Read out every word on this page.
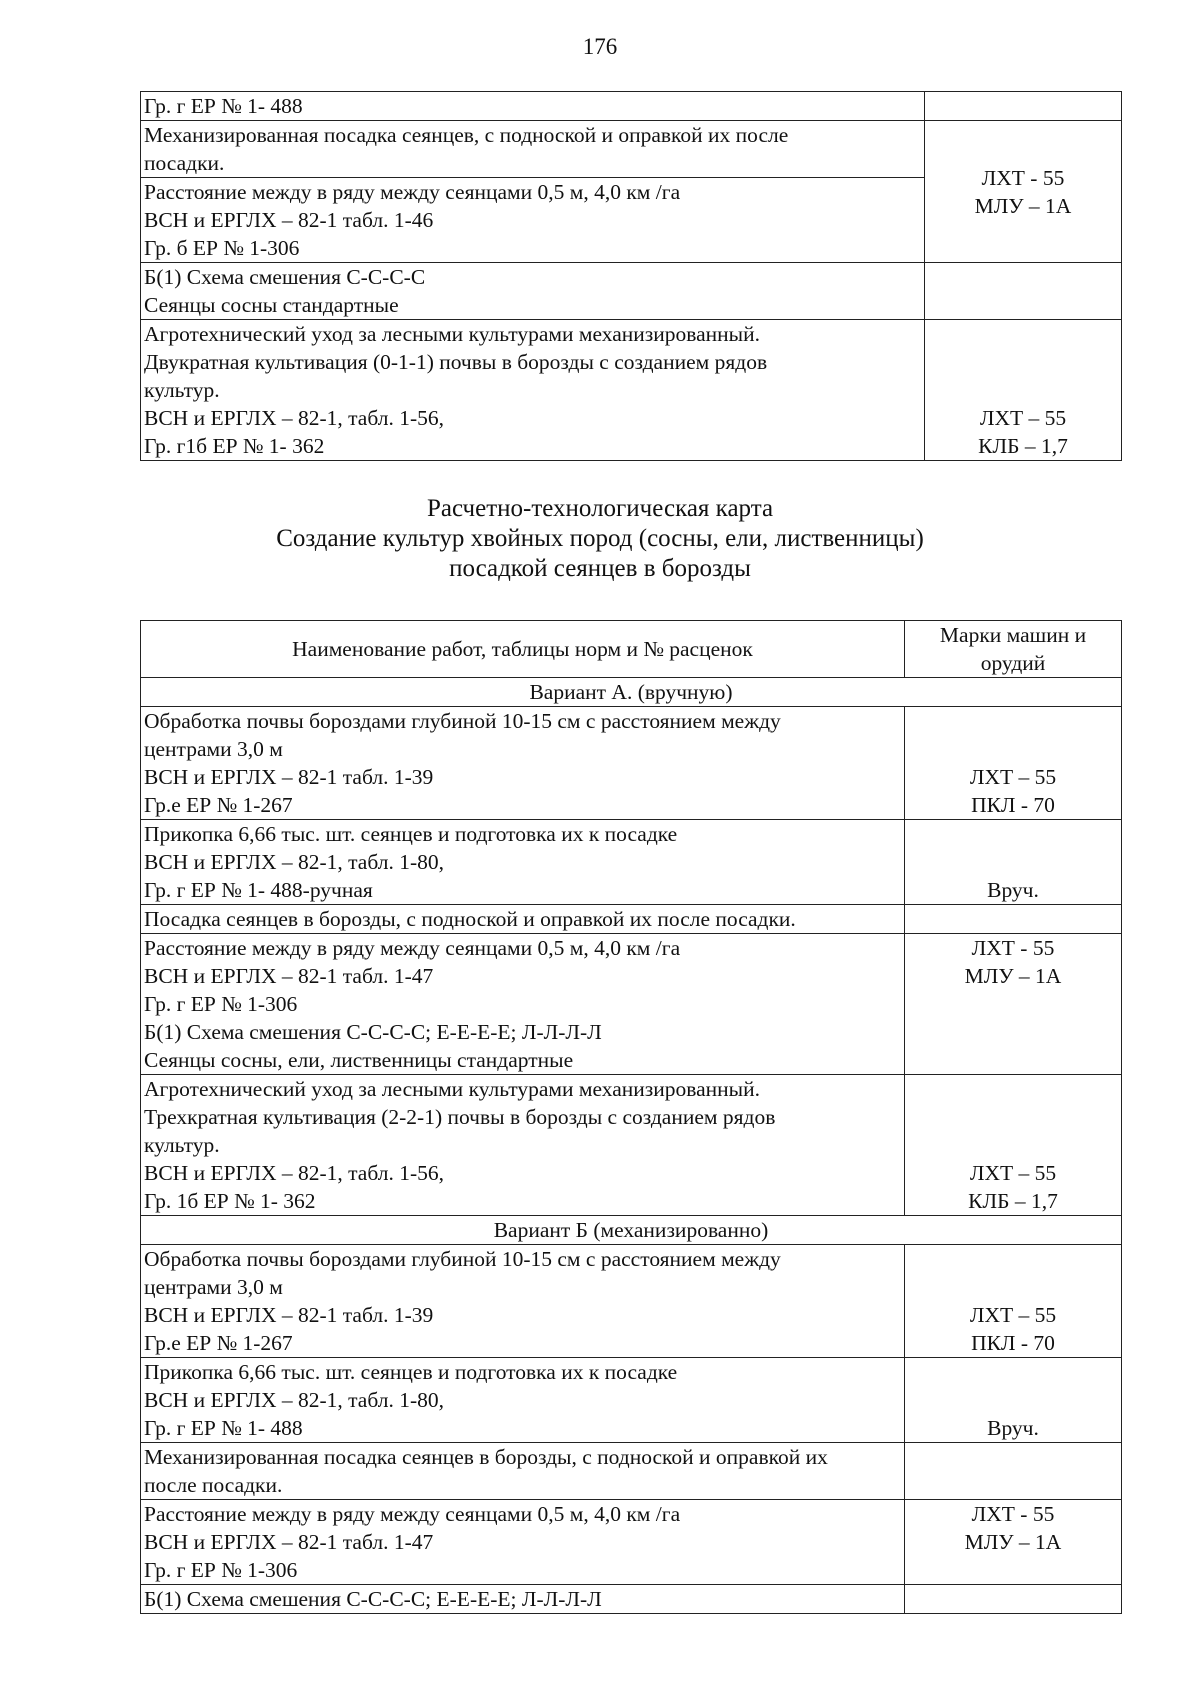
176
Гр. г ЕР № 1- 488	

Механизированная посадка сеянцев, с подноской и оправкой их после
посадки.	ЛХТ - 55
МЛУ – 1А

Расстояние между в ряду между сеянцами 0,5 м, 4,0 км /га
ВСН и ЕРГЛХ – 82-1 табл. 1-46
Гр. б ЕР № 1-306	

Б(1) Схема смешения С-С-С-С
Сеянцы сосны стандартные	

Агротехнический уход за лесными культурами механизированный.
Двукратная культивация (0-1-1) почвы в борозды с созданием рядов
культур.
ВСН и ЕРГЛХ – 82-1, табл. 1-56,
Гр. г1б ЕР № 1- 362	ЛХТ – 55
КЛБ – 1,7
Расчетно-технологическая карта
Создание культур хвойных пород (сосны, ели, лиственницы)
посадкой сеянцев в борозды
Наименование работ, таблицы норм и № расценок	Марки машин и
орудий

Вариант А. (вручную)	

Обработка почвы бороздами глубиной 10-15 см с расстоянием между
центрами 3,0 м
ВСН и ЕРГЛХ – 82-1 табл. 1-39
Гр.е ЕР № 1-267	ЛХТ – 55
ПКЛ - 70

Прикопка 6,66 тыс. шт. сеянцев и подготовка их к посадке
ВСН и ЕРГЛХ – 82-1, табл. 1-80,
Гр. г ЕР № 1- 488-ручная	Вруч.

Посадка сеянцев в борозды, с подноской и оправкой их после посадки.	

Расстояние между в ряду между сеянцами 0,5 м, 4,0 км /га
ВСН и ЕРГЛХ – 82-1 табл. 1-47
Гр. г ЕР № 1-306
Б(1) Схема смешения С-С-С-С; Е-Е-Е-Е; Л-Л-Л-Л
Сеянцы сосны, ели, лиственницы стандартные	ЛХТ - 55
МЛУ – 1А

Агротехнический уход за лесными культурами механизированный.
Трехкратная культивация (2-2-1) почвы в борозды с созданием рядов
культур.
ВСН и ЕРГЛХ – 82-1, табл. 1-56,
Гр. 1б ЕР № 1- 362	ЛХТ – 55
КЛБ – 1,7

Вариант Б (механизированно)	

Обработка почвы бороздами глубиной 10-15 см с расстоянием между
центрами 3,0 м
ВСН и ЕРГЛХ – 82-1 табл. 1-39
Гр.е ЕР № 1-267	ЛХТ – 55
ПКЛ - 70

Прикопка 6,66 тыс. шт. сеянцев и подготовка их к посадке
ВСН и ЕРГЛХ – 82-1, табл. 1-80,
Гр. г ЕР № 1- 488	Вруч.

Механизированная посадка сеянцев в борозды, с подноской и оправкой их
после посадки.	

Расстояние между в ряду между сеянцами 0,5 м, 4,0 км /га
ВСН и ЕРГЛХ – 82-1 табл. 1-47
Гр. г ЕР № 1-306	ЛХТ - 55
МЛУ – 1А

Б(1) Схема смешения С-С-С-С; Е-Е-Е-Е; Л-Л-Л-Л	
